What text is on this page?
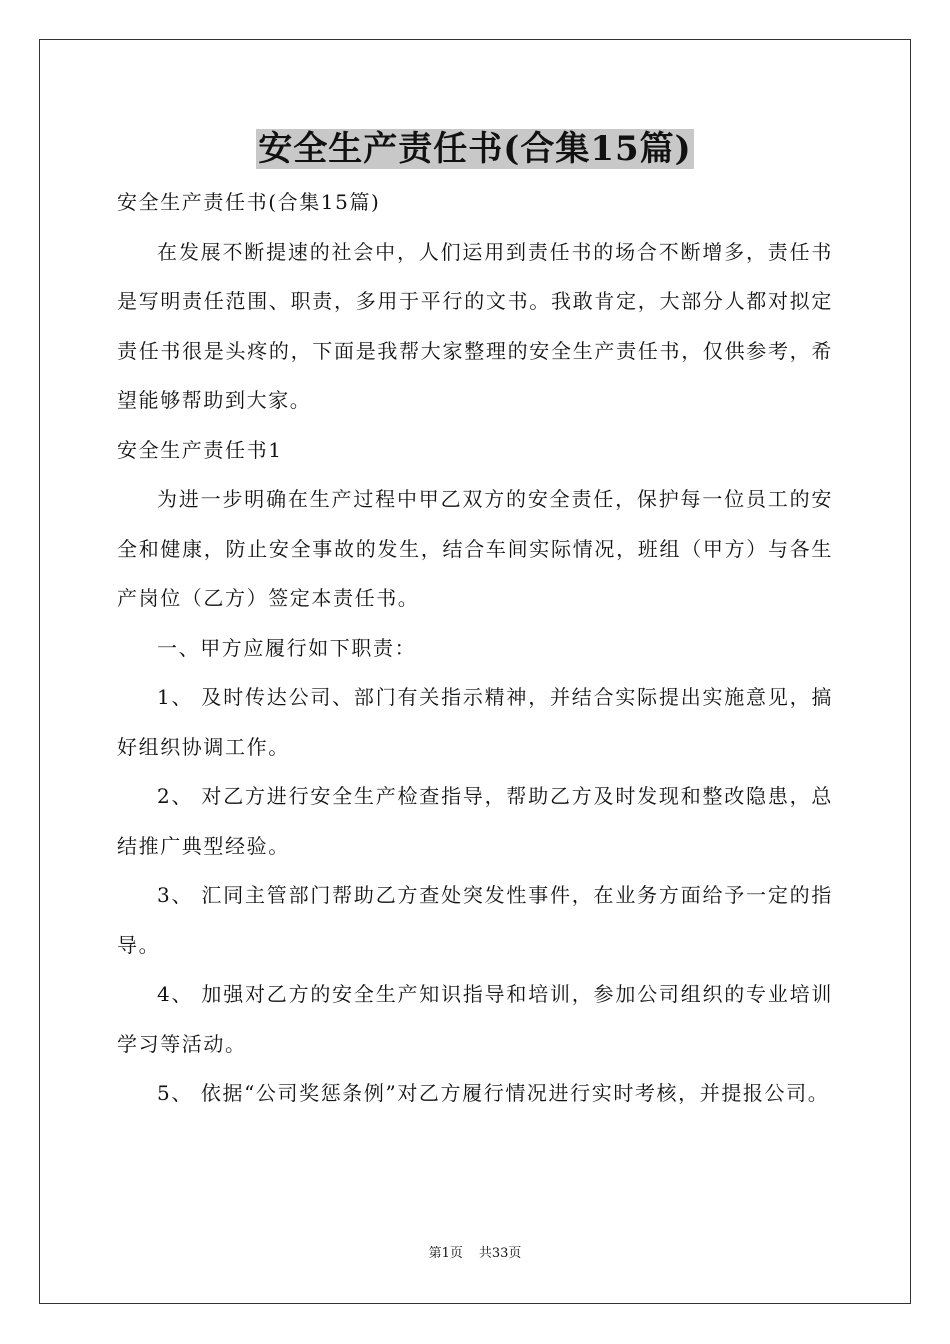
安全生产责任书(合集15篇)

安全生产责任书(合集15篇)

在发展不断提速的社会中，人们运用到责任书的场合不断增多，责任书是写明责任范围、职责，多用于平行的文书。我敢肯定，大部分人都对拟定责任书很是头疼的，下面是我帮大家整理的安全生产责任书，仅供参考，希望能够帮助到大家。

安全生产责任书1

为进一步明确在生产过程中甲乙双方的安全责任，保护每一位员工的安全和健康，防止安全事故的发生，结合车间实际情况，班组（甲方）与各生产岗位（乙方）签定本责任书。

一、甲方应履行如下职责：

1、 及时传达公司、部门有关指示精神，并结合实际提出实施意见，搞好组织协调工作。

2、 对乙方进行安全生产检查指导，帮助乙方及时发现和整改隐患，总结推广典型经验。

3、 汇同主管部门帮助乙方查处突发性事件，在业务方面给予一定的指导。

4、 加强对乙方的安全生产知识指导和培训，参加公司组织的专业培训学习等活动。

5、 依据“公司奖惩条例”对乙方履行情况进行实时考核，并提报公司。

第1页 共33页
